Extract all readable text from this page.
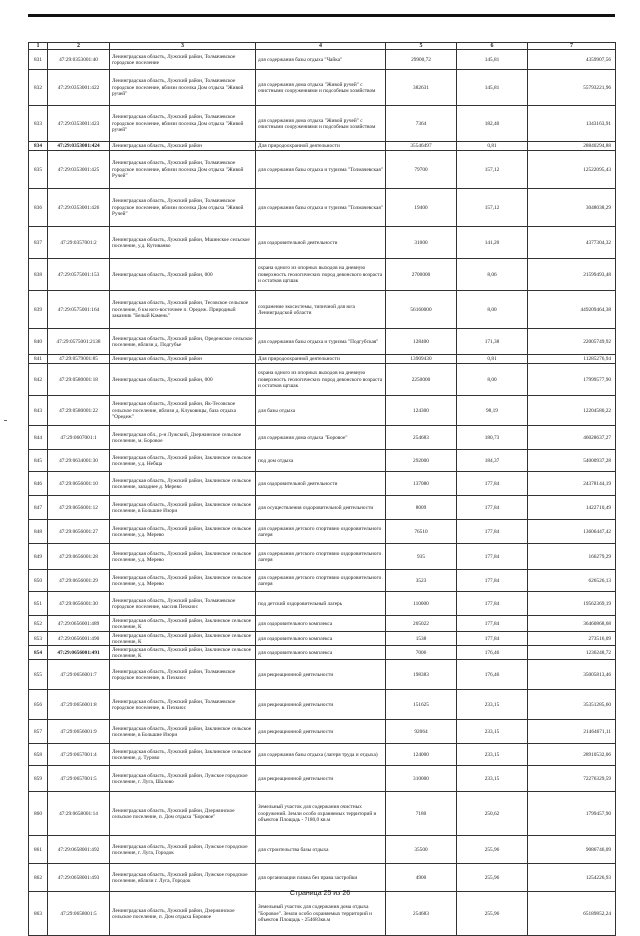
1	2	3	4	5	6	7
831	47:29:0353001:40	Ленинградская область, Лужский район, Толмачевское городское поселение	для содержания базы отдыха "Чайка"	29900,72	145,81	4359907,56
832	47:29:0353001:422	Ленинградская область, Лужский район, Толмачевское городское поселение, вблизи поселка Дом отдыха "Живой ручей"	для содержания дома отдыха "Живой ручей" с очистными сооружениями и подсобным хозяйством	382631	145,81	55793221,96
833	47:29:0353001:423	Ленинградская область, Лужский район, Толмачевское городское поселение, вблизи поселка Дом отдыха "Живой ручей"	для содержания дома отдыха "Живой ручей" с очистными сооружениями и подсобным хозяйством	7364	182,40	1343163,91
834	47:29:0353001:424	Ленинградская область, Лужский район	Для природоохранной деятельности	35546497	0,81	28840294,88
835	47:29:0353001:425	Ленинградская область, Лужский район, Толмачевское городское поселение, вблизи поселка Дом отдыха "Живой Ручей"	для содержания базы отдыха и туризма "Толмачевская"	79700	157,12	12522095,43
836	47:29:0353001:426	Ленинградская область, Лужский район, Толмачевское городское поселение, вблизи поселка Дом отдыха "Живой Ручей"	для содержания базы отдыха и туризма "Толмачевская"	19400	157,12	3048038,29
837	47:29:0357001:2	Ленинградская область, Лужский район, Мшинское сельское поселение, у.д. Кутиванво	для оздоровительной деятельности	31000	141,20	4377304,32
838	47:29:0575001:153	Ленинградская область, Лужский район, 000	охрана одного из опорных выходов на дневную поверхность геологических пород девонского возраста и остатков щгшак	2700000	8,06	21599493,48
839	47:29:0575001:164	Ленинградская область, Лужский район, Тесовское сельское поселение, 6 км юго-восточнее п. Оредеж. Природный заказник "Белый Камень"	сохранение экосистемы, типичной для юга Ленинградской области	56160000	8,00	449209464,38
840	47:29:0575001:2138	Ленинградская область, Лужский район, Оредежское сельское поселение, вблизи д. Подгубье	для содержания базы отдыха и туризма "Подгубская"	128400	171,38	22005749,92
841	47:29:0579001:85	Ленинградская область, Лужский район	Для природоохранной деятельности	13909430	0,81	11285276,94
842	47:29:0580001:18	Ленинградская область, Лужский район, 000	охрана одного из опорных выходов на дневную поверхность геологических пород девонского возраста и остатков щгшак	2250000	8,00	17999577,90
843	47:29:0580001:22	Ленинградская область, Лужский район, Як-Тесовское сельское поселение, вблизи д. Клуковицы, база отдыха "Оредеж"	для базы отдыха	124300	98,19	12204580,22
844	47:29:0607001:1	Ленинградская обл., р-н Лужский, Дзержинское сельское поселение, м. Боровое	для содержания дома отдыха "Боровое"	254683	180,73	46028637,27
845	47:29:0634001:30	Ленинградская область, Лужский район, Заклинское сельское поселение, у.д. Небща	под дом отдыха	292000	184,37	54000937,28
846	47:29:0656001:10	Ленинградская область, Лужский район, Заклинское сельское поселение, западнее д. Мерево	для оздоровительной деятельности	137080	177,84	24378144,19
847	47:29:0656001:12	Ленинградская область, Лужский район, Заклинское сельское поселение, в Большие Изори	для осуществления оздоровительной деятельности	8009	177,84	1422710,49
848	47:29:0656001:27	Ленинградская область, Лужский район, Заклинское сельское поселение, у.д. Мерево	для содержания детского спортивно оздоровительного лагеря	76510	177,84	13606447,42
849	47:29:0656001:28	Ленинградская область, Лужский район, Заклинское сельское поселение, у.д. Мерево	для содержания детского спортивно оздоровительного лагеря	935	177,84	166279,29
850	47:29:0656001:29	Ленинградская область, Лужский район, Заклинское сельское поселение, у.д. Мерево	для содержания детского спортивно оздоровительного лагеря	3523	177,84	626526,13
851	47:29:0656001:30	Ленинградская область, Лужский район, Толмачевское городское поселение, массив Пехкиос	под детский оздоровительный лагерь	110000	177,84	19562369,19
852	47:29:0656001:489	Ленинградская область, Лужский район, Заклинское сельское поселение, К	для оздоровительного комплекса	205022	177,84	36460868,68
853	47:29:0656001:490	Ленинградская область, Лужский район, Заклинское сельское поселение, К	для оздоровительного комплекса	1538	177,84	273516,09
854	47:29:0656001:491	Ленинградская область, Лужский район, Заклинское сельское поселение, К	для оздоровительного комплекса	7006	176,46	1236248,72
855	47:29:0656001:7	Ленинградская область, Лужский район, Толмачевское городское поселение, в. Пехкиос	для рекреационной деятельности	198383	176,46	35005813,46
856	47:29:0656001:8	Ленинградская область, Лужский район, Толмачевское городское поселение, в. Пехкиос	для рекреационной деятельности	151625	233,15	35351285,60
857	47:29:0656001:9	Ленинградская область, Лужский район, Заклинское сельское поселение, в Большие Изори	для рекреационной деятельности	92064	233,15	21464671,11
858	47:29:0657001:4	Ленинградская область, Лужский район, Заклинское сельское поселение, д. Турово	для содержания базы отдыха (лагеря труда и отдыха)	124000	233,15	28910532,06
859	47:29:0657001:5	Ленинградская область, Лужский район, Лужское городское поселение, г. Луга, Шалово	для рекреационной деятельности	310000	233,15	72276329,59
860	47:29:0658001:14	Ленинградская область, Лужский район, Дзержинское сельское поселение, п. Дом отдыха "Боровое"	Земельный участок для содержания очистных сооружений. Земли особо охраняемых территорий и объектов Площадь - 7180,0 кв.м	7180	250,62	1799457,90
861	47:29:0658001:492	Ленинградская область, Лужский район, Лужское городское поселение, г. Луга, Городок	для строительства базы отдыха	35500	255,96	9086746,09
862	47:29:0658001:493	Ленинградская область, Лужский район, Лужское городское поселение, вблизи г. Луга, Городок	для организации пляжа без права застройки	4900	255,96	1254226,93
863	47:29:0658001:5	Ленинградская область, Лужский район, Дзержинское сельское поселение, п. Дом отдыха Боровое	Земельный участок для содержания дома отдыха "Боровое". Земли особо охраняемых территорий и объектов Площадь - 254683кв.м	254683	255,96	65189852,24
Страница 25 из 26
